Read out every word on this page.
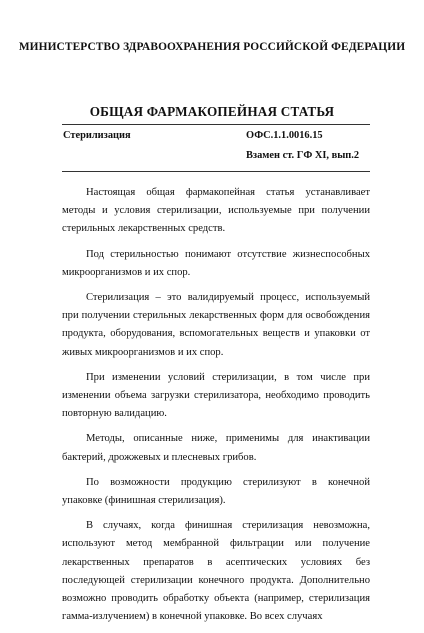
МИНИСТЕРСТВО ЗДРАВООХРАНЕНИЯ РОССИЙСКОЙ ФЕДЕРАЦИИ
ОБЩАЯ ФАРМАКОПЕЙНАЯ СТАТЬЯ
Стерилизация	ОФС.1.1.0016.15
Взамен ст. ГФ XI, вып.2

Настоящая общая фармакопейная статья устанавливает методы и условия стерилизации, используемые при получении стерильных лекарственных средств.

Под стерильностью понимают отсутствие жизнеспособных микроорганизмов и их спор.

Стерилизация – это валидируемый процесс, используемый при получении стерильных лекарственных форм для освобождения продукта, оборудования, вспомогательных веществ и упаковки от живых микроорганизмов и их спор.

При изменении условий стерилизации, в том числе при изменении объема загрузки стерилизатора, необходимо проводить повторную валидацию.

Методы, описанные ниже, применимы для инактивации бактерий, дрожжевых и плесневых грибов.

По возможности продукцию стерилизуют в конечной упаковке (финишная стерилизация).

В случаях, когда финишная стерилизация невозможна, используют метод мембранной фильтрации или получение лекарственных препаратов в асептических условиях без последующей стерилизации конечного продукта. Дополнительно возможно проводить обработку объекта (например, стерилизация гамма-излучением) в конечной упаковке. Во всех случаях
